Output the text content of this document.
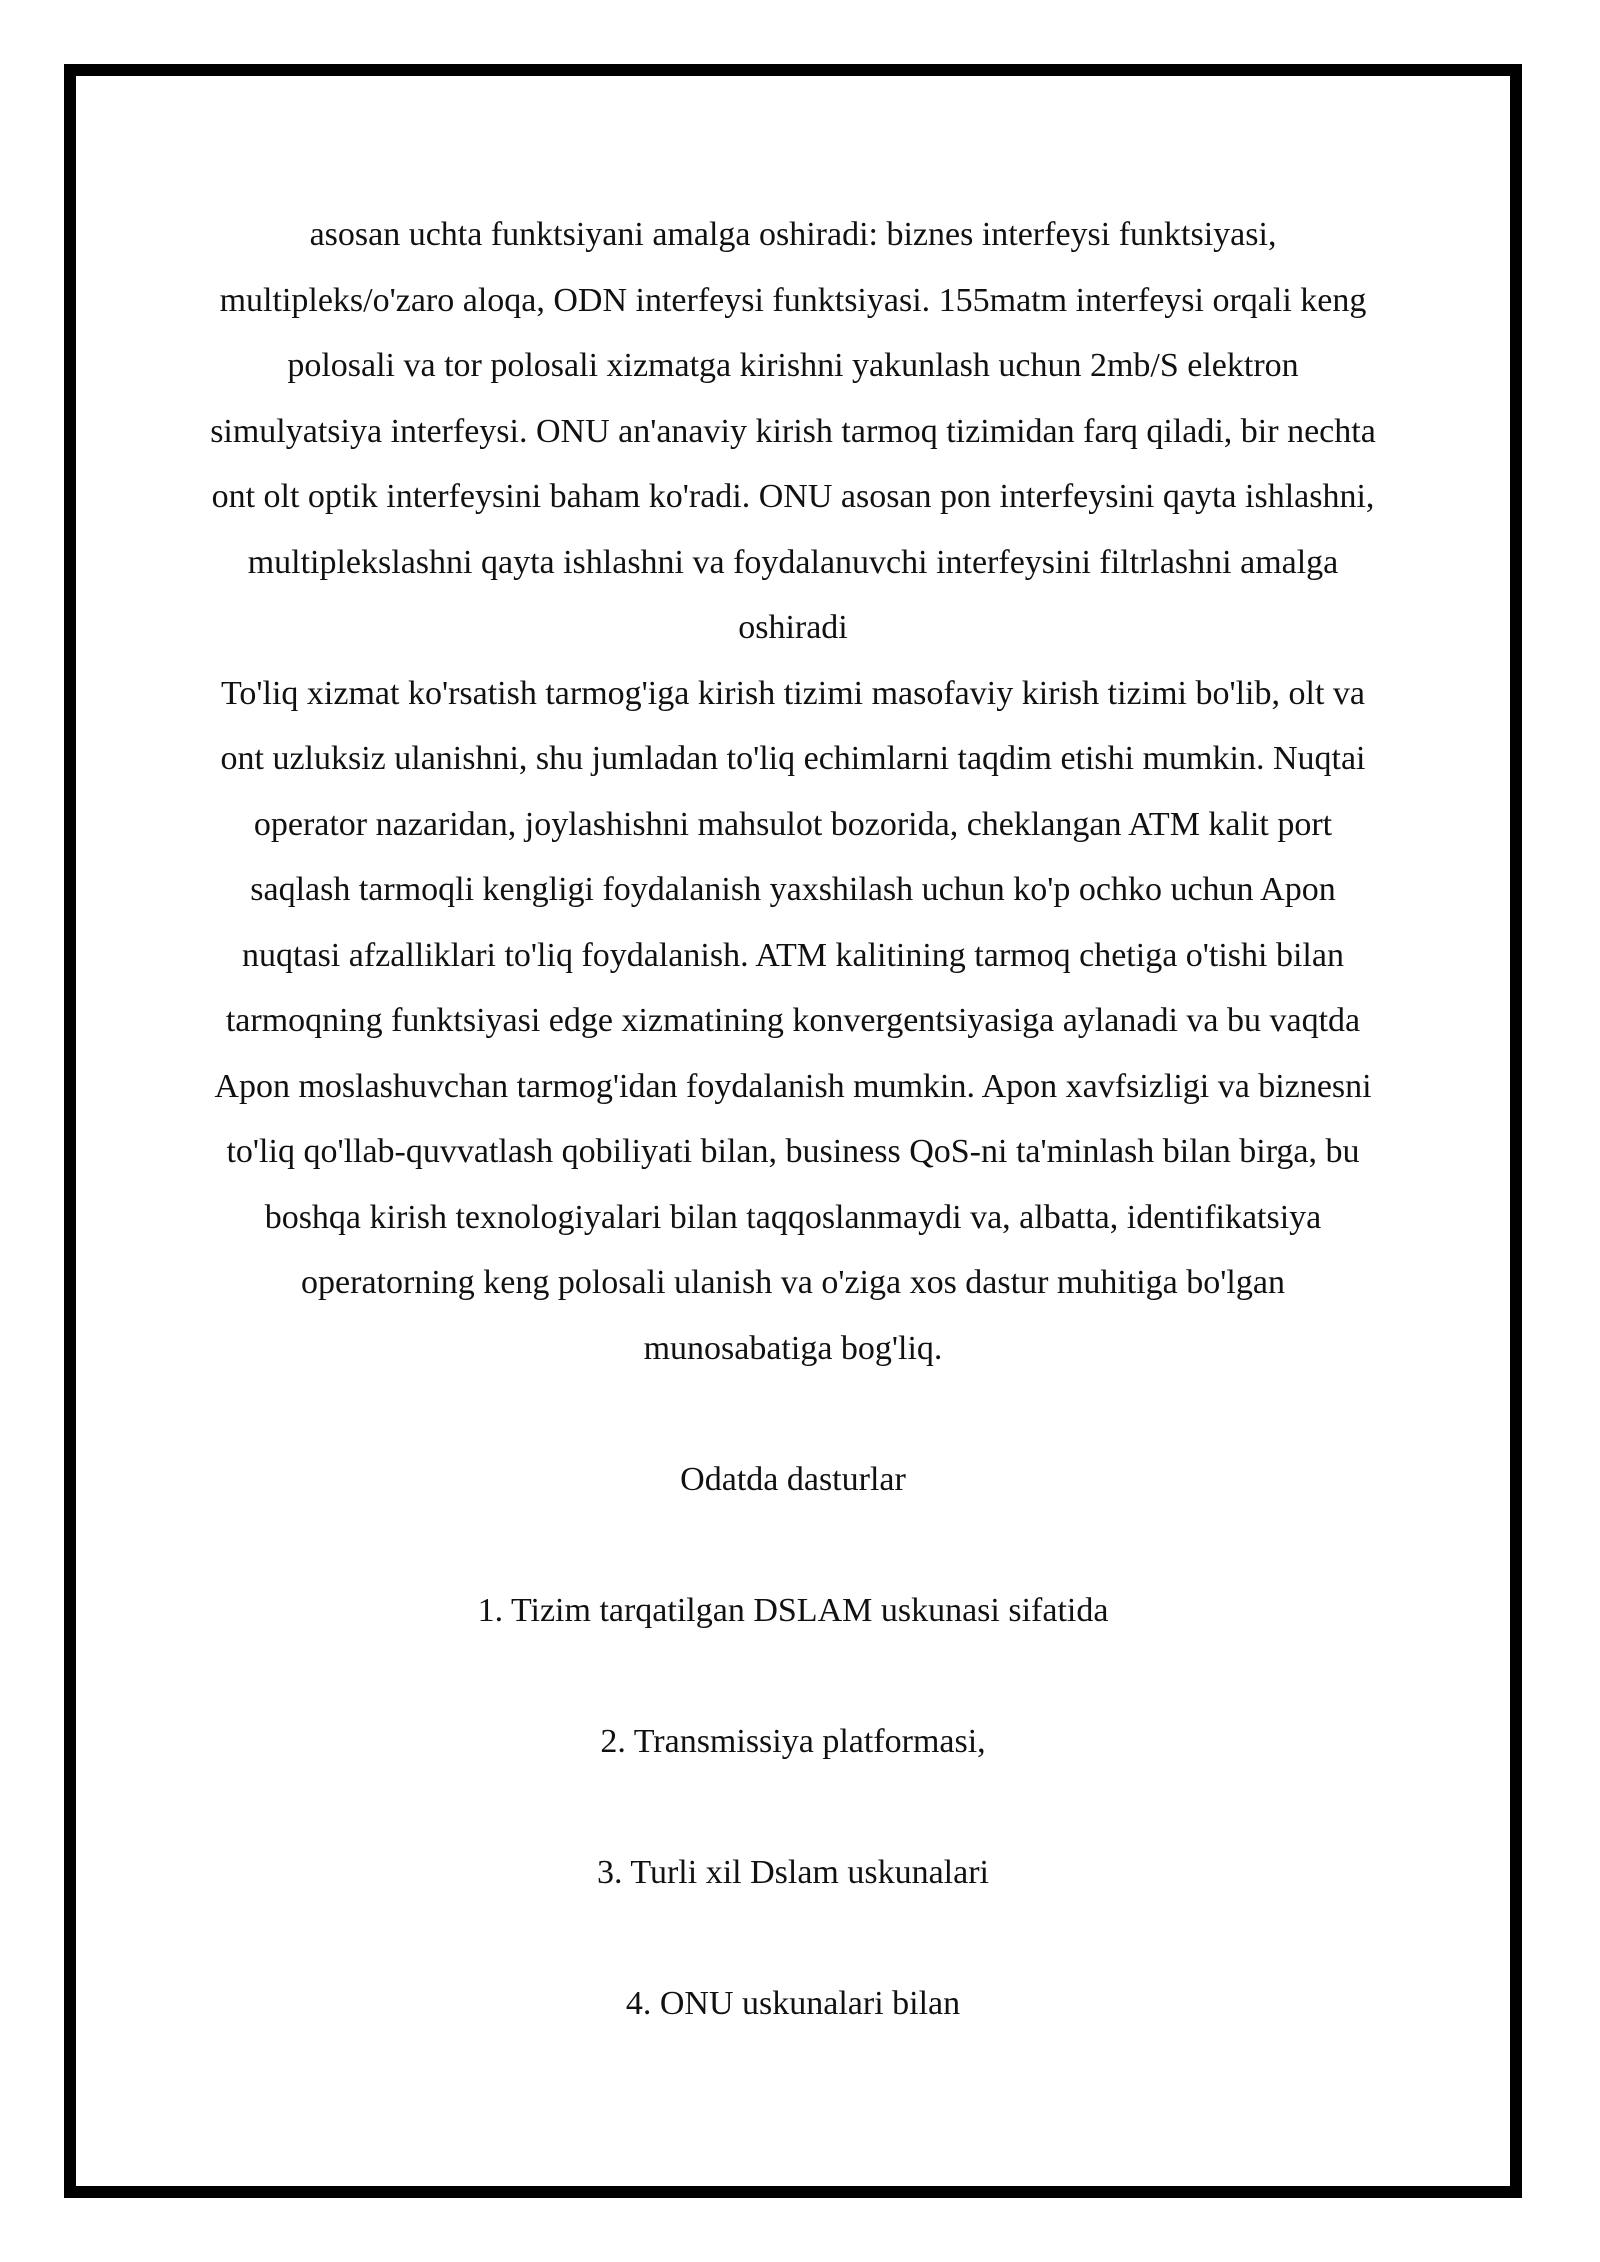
asosan uchta funktsiyani amalga oshiradi: biznes interfeysi funktsiyasi, multipleks/o'zaro aloqa, ODN interfeysi funktsiyasi. 155matm interfeysi orqali keng polosali va tor polosali xizmatga kirishni yakunlash uchun 2mb/S elektron simulyatsiya interfeysi. ONU an'anaviy kirish tarmoq tizimidan farq qiladi, bir nechta ont olt optik interfeysini baham ko'radi. ONU asosan pon interfeysini qayta ishlashni, multiplekslashni qayta ishlashni va foydalanuvchi interfeysini filtrlashni amalga oshiradi

To'liq xizmat ko'rsatish tarmog'iga kirish tizimi masofaviy kirish tizimi bo'lib, olt va ont uzluksiz ulanishni, shu jumladan to'liq echimlarni taqdim etishi mumkin. Nuqtai operator nazaridan, joylashishni mahsulot bozorida, cheklangan ATM kalit port saqlash tarmoqli kengligi foydalanish yaxshilash uchun ko'p ochko uchun Apon nuqtasi afzalliklari to'liq foydalanish. ATM kalitining tarmoq chetiga o'tishi bilan tarmoqning funktsiyasi edge xizmatining konvergentsiyasiga aylanadi va bu vaqtda Apon moslashuvchan tarmog'idan foydalanish mumkin. Apon xavfsizligi va biznesni to'liq qo'llab-quvvatlash qobiliyati bilan, business QoS-ni ta'minlash bilan birga, bu boshqa kirish texnologiyalari bilan taqqoslanmaydi va, albatta, identifikatsiya operatorning keng polosali ulanish va o'ziga xos dastur muhitiga bo'lgan munosabatiga bog'liq.

Odatda dasturlar

1. Tizim tarqatilgan DSLAM uskunasi sifatida

2. Transmissiya platformasi,

3. Turli xil Dslam uskunalari

4. ONU uskunalari bilan
